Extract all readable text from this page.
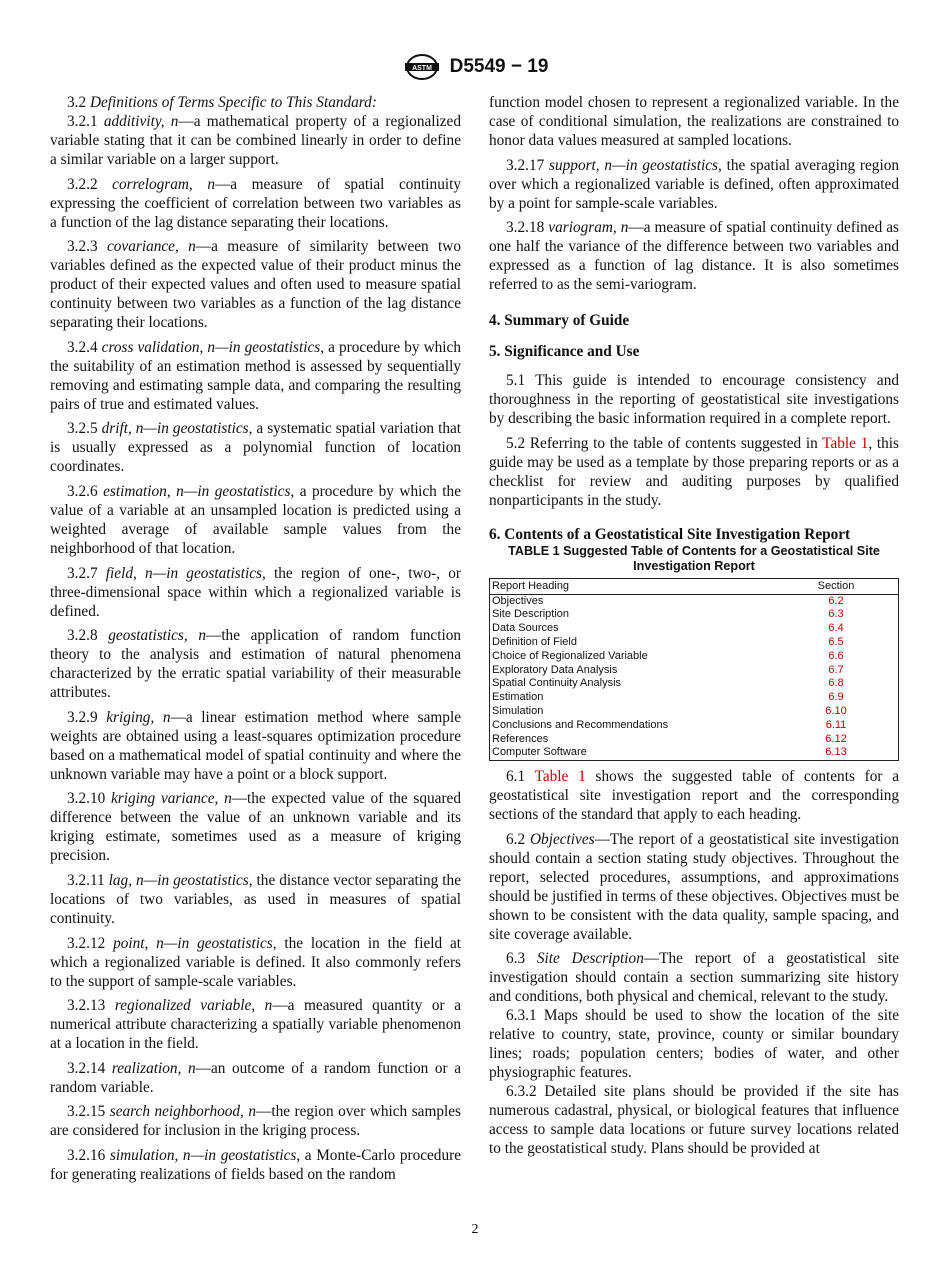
ASTM D5549 − 19

3.2 Definitions of Terms Specific to This Standard:

3.2.1 additivity, n—a mathematical property of a regionalized variable stating that it can be combined linearly in order to define a similar variable on a larger support.

3.2.2 correlogram, n—a measure of spatial continuity expressing the coefficient of correlation between two variables as a function of the lag distance separating their locations.

3.2.3 covariance, n—a measure of similarity between two variables defined as the expected value of their product minus the product of their expected values and often used to measure spatial continuity between two variables as a function of the lag distance separating their locations.

3.2.4 cross validation, n—in geostatistics, a procedure by which the suitability of an estimation method is assessed by sequentially removing and estimating sample data, and comparing the resulting pairs of true and estimated values.

3.2.5 drift, n—in geostatistics, a systematic spatial variation that is usually expressed as a polynomial function of location coordinates.

3.2.6 estimation, n—in geostatistics, a procedure by which the value of a variable at an unsampled location is predicted using a weighted average of available sample values from the neighborhood of that location.

3.2.7 field, n—in geostatistics, the region of one-, two-, or three-dimensional space within which a regionalized variable is defined.

3.2.8 geostatistics, n—the application of random function theory to the analysis and estimation of natural phenomena characterized by the erratic spatial variability of their measurable attributes.

3.2.9 kriging, n—a linear estimation method where sample weights are obtained using a least-squares optimization procedure based on a mathematical model of spatial continuity and where the unknown variable may have a point or a block support.

3.2.10 kriging variance, n—the expected value of the squared difference between the value of an unknown variable and its kriging estimate, sometimes used as a measure of kriging precision.

3.2.11 lag, n—in geostatistics, the distance vector separating the locations of two variables, as used in measures of spatial continuity.

3.2.12 point, n—in geostatistics, the location in the field at which a regionalized variable is defined. It also commonly refers to the support of sample-scale variables.

3.2.13 regionalized variable, n—a measured quantity or a numerical attribute characterizing a spatially variable phenomenon at a location in the field.

3.2.14 realization, n—an outcome of a random function or a random variable.

3.2.15 search neighborhood, n—the region over which samples are considered for inclusion in the kriging process.

3.2.16 simulation, n—in geostatistics, a Monte-Carlo procedure for generating realizations of fields based on the random

function model chosen to represent a regionalized variable. In the case of conditional simulation, the realizations are constrained to honor data values measured at sampled locations.

3.2.17 support, n—in geostatistics, the spatial averaging region over which a regionalized variable is defined, often approximated by a point for sample-scale variables.

3.2.18 variogram, n—a measure of spatial continuity defined as one half the variance of the difference between two variables and expressed as a function of lag distance. It is also sometimes referred to as the semi-variogram.

4. Summary of Guide
5. Significance and Use

5.1 This guide is intended to encourage consistency and thoroughness in the reporting of geostatistical site investigations by describing the basic information required in a complete report.

5.2 Referring to the table of contents suggested in Table 1, this guide may be used as a template by those preparing reports or as a checklist for review and auditing purposes by qualified nonparticipants in the study.

6. Contents of a Geostatistical Site Investigation Report
TABLE 1 Suggested Table of Contents for a Geostatistical Site Investigation Report
Report Heading	Section
Objectives	6.2
Site Description	6.3
Data Sources	6.4
Definition of Field	6.5
Choice of Regionalized Variable	6.6
Exploratory Data Analysis	6.7
Spatial Continuity Analysis	6.8
Estimation	6.9
Simulation	6.10
Conclusions and Recommendations	6.11
References	6.12
Computer Software	6.13

6.1 Table 1 shows the suggested table of contents for a geostatistical site investigation report and the corresponding sections of the standard that apply to each heading.

6.2 Objectives—The report of a geostatistical site investigation should contain a section stating study objectives. Throughout the report, selected procedures, assumptions, and approximations should be justified in terms of these objectives. Objectives must be shown to be consistent with the data quality, sample spacing, and site coverage available.

6.3 Site Description—The report of a geostatistical site investigation should contain a section summarizing site history and conditions, both physical and chemical, relevant to the study.

6.3.1 Maps should be used to show the location of the site relative to country, state, province, county or similar boundary lines; roads; population centers; bodies of water, and other physiographic features.

6.3.2 Detailed site plans should be provided if the site has numerous cadastral, physical, or biological features that influence access to sample data locations or future survey locations related to the geostatistical study. Plans should be provided at

2
